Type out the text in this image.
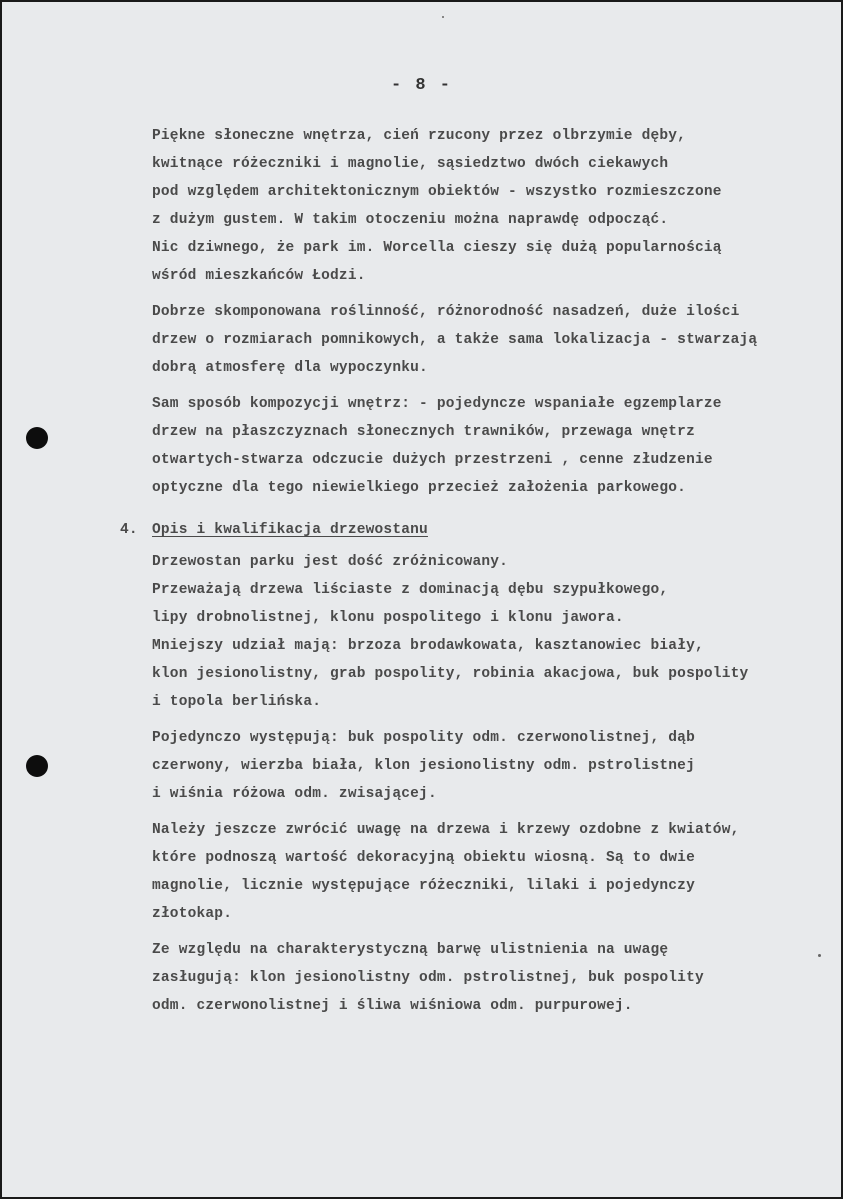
- 8 -

Piękne słoneczne wnętrza, cień rzucony przez olbrzymie dęby,
kwitnące różeczniki i magnolie, sąsiedztwo dwóch ciekawych
pod względem architektonicznym obiektów - wszystko rozmieszczone
z dużym gustem. W takim otoczeniu można naprawdę odpocząć.
Nic dziwnego, że park im. Worcella cieszy się dużą popularnością
wśród mieszkańców Łodzi.

Dobrze skomponowana roślinność, różnorodność nasadzeń, duże ilości
drzew o rozmiarach pomnikowych, a także sama lokalizacja - stwarzają
dobrą atmosferę dla wypoczynku.

Sam sposób kompozycji wnętrz: - pojedyncze wspaniałe egzemplarze
drzew na płaszczyznach słonecznych trawników, przewaga wnętrz
otwartych-stwarza odczucie dużych przestrzeni , cenne złudzenie
optyczne dla tego niewielkiego przecież założenia parkowego.

4. Opis i kwalifikacja drzewostanu

Drzewostan parku jest dość zróżnicowany.
Przeważają drzewa liściaste z dominacją dębu szypułkowego,
lipy drobnolistnej, klonu pospolitego i klonu jawora.
Mniejszy udział mają: brzoza brodawkowata, kasztanowiec biały,
klon jesionolistny, grab pospolity, robinia akacjowa, buk pospolity
i topola berlińska.

Pojedynczo występują: buk pospolity odm. czerwonolistnej, dąb
czerwony, wierzba biała, klon jesionolistny odm. pstrolistnej
i wiśnia różowa odm. zwisającej.

Należy jeszcze zwrócić uwagę na drzewa i krzewy ozdobne z kwiatów,
które podnoszą wartość dekoracyjną obiektu wiosną. Są to dwie
magnolie, licznie występujące różeczniki, lilaki i pojedynczy
złotokap.

Ze względu na charakterystyczną barwę ulistnienia na uwagę
zasługują: klon jesionolistny odm. pstrolistnej, buk pospolity
odm. czerwonolistnej i śliwa wiśniowa odm. purpurowej.
